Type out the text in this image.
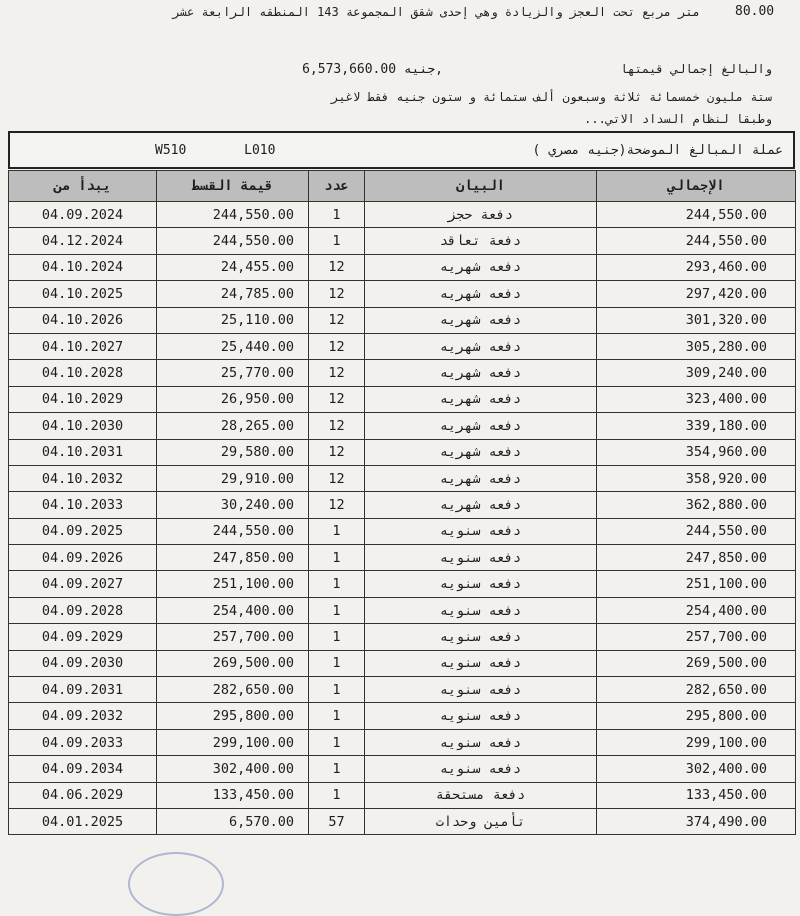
80.00
متر مربع تحت العجز والزيادة وهي إحدى شقق المجموعة 143 المنطقه الرابعة عشر
6,573,660.00 جنيه,	والبالغ إجمالي قيمتها
ستة مليون خمسمائة ثلاثة وسبعون ألف ستمائة و ستون جنيه فقط لاغير
وطبقا لنظام السداد الاتي...
W510 L010	عملة المبالغ الموضحة(جنيه مصري )
يبدأ من	قيمة القسط	عدد	البيان	الإجمالي
04.09.2024	244,550.00	1	دفعة حجز	244,550.00
04.12.2024	244,550.00	1	دفعة تعاقد	244,550.00
04.10.2024	24,455.00	12	دفعه شهريه	293,460.00
04.10.2025	24,785.00	12	دفعه شهريه	297,420.00
04.10.2026	25,110.00	12	دفعه شهريه	301,320.00
04.10.2027	25,440.00	12	دفعه شهريه	305,280.00
04.10.2028	25,770.00	12	دفعه شهريه	309,240.00
04.10.2029	26,950.00	12	دفعه شهريه	323,400.00
04.10.2030	28,265.00	12	دفعه شهريه	339,180.00
04.10.2031	29,580.00	12	دفعه شهريه	354,960.00
04.10.2032	29,910.00	12	دفعه شهريه	358,920.00
04.10.2033	30,240.00	12	دفعه شهريه	362,880.00
04.09.2025	244,550.00	1	دفعه سنويه	244,550.00
04.09.2026	247,850.00	1	دفعه سنويه	247,850.00
04.09.2027	251,100.00	1	دفعه سنويه	251,100.00
04.09.2028	254,400.00	1	دفعه سنويه	254,400.00
04.09.2029	257,700.00	1	دفعه سنويه	257,700.00
04.09.2030	269,500.00	1	دفعه سنويه	269,500.00
04.09.2031	282,650.00	1	دفعه سنويه	282,650.00
04.09.2032	295,800.00	1	دفعه سنويه	295,800.00
04.09.2033	299,100.00	1	دفعه سنويه	299,100.00
04.09.2034	302,400.00	1	دفعه سنويه	302,400.00
04.06.2029	133,450.00	1	دفعة مستحقة	133,450.00
04.01.2025	6,570.00	57	تأمين وحدات	374,490.00
